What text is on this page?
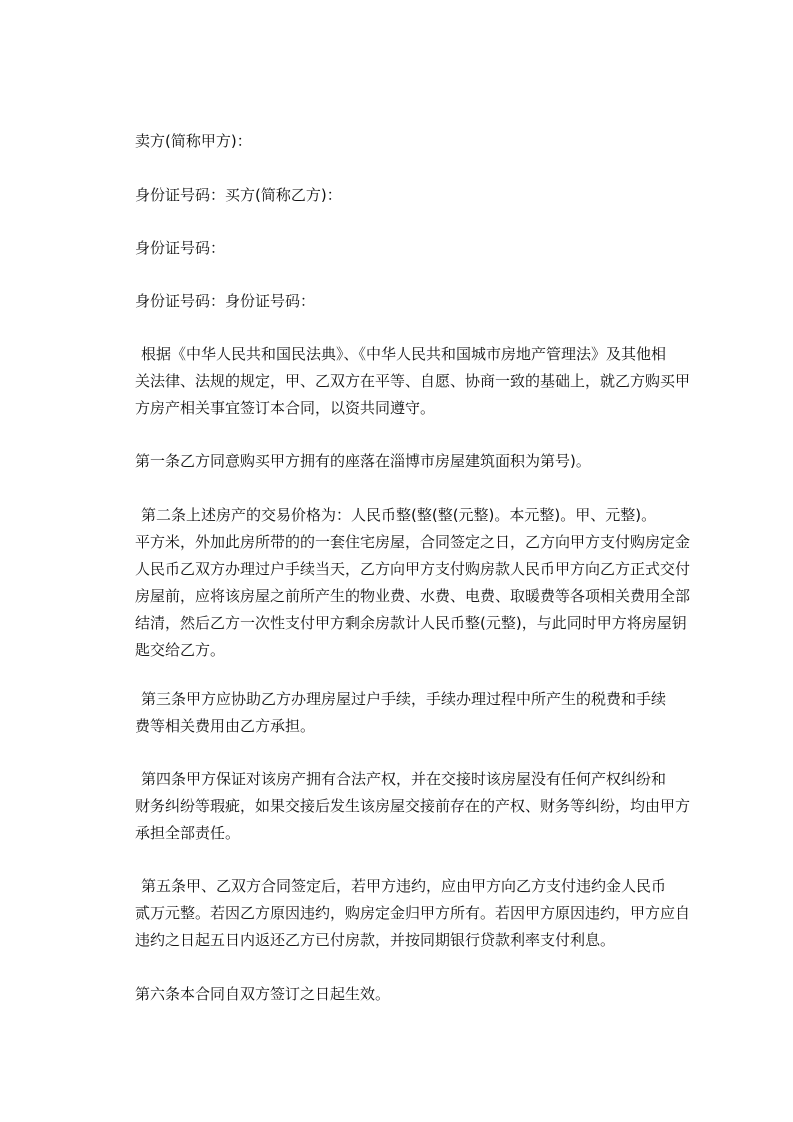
卖方(简称甲方)：

身份证号码：买方(简称乙方)：

身份证号码：

身份证号码：身份证号码：

根据《中华人民共和国民法典》、《中华人民共和国城市房地产管理法》及其他相
关法律、法规的规定，甲、乙双方在平等、自愿、协商一致的基础上，就乙方购买甲
方房产相关事宜签订本合同，以资共同遵守。
第一条乙方同意购买甲方拥有的座落在淄博市房屋建筑面积为第号)。
第二条上述房产的交易价格为：人民币整(整(整(元整)。本元整)。甲、元整)。
平方米，外加此房所带的的一套住宅房屋，合同签定之日，乙方向甲方支付购房定金
人民币乙双方办理过户手续当天，乙方向甲方支付购房款人民币甲方向乙方正式交付
房屋前，应将该房屋之前所产生的物业费、水费、电费、取暖费等各项相关费用全部
结清，然后乙方一次性支付甲方剩余房款计人民币整(元整)，与此同时甲方将房屋钥
匙交给乙方。
第三条甲方应协助乙方办理房屋过户手续，手续办理过程中所产生的税费和手续
费等相关费用由乙方承担。
第四条甲方保证对该房产拥有合法产权，并在交接时该房屋没有任何产权纠纷和
财务纠纷等瑕疵，如果交接后发生该房屋交接前存在的产权、财务等纠纷，均由甲方
承担全部责任。
第五条甲、乙双方合同签定后，若甲方违约，应由甲方向乙方支付违约金人民币
贰万元整。若因乙方原因违约，购房定金归甲方所有。若因甲方原因违约，甲方应自
违约之日起五日内返还乙方已付房款，并按同期银行贷款利率支付利息。
第六条本合同自双方签订之日起生效。
